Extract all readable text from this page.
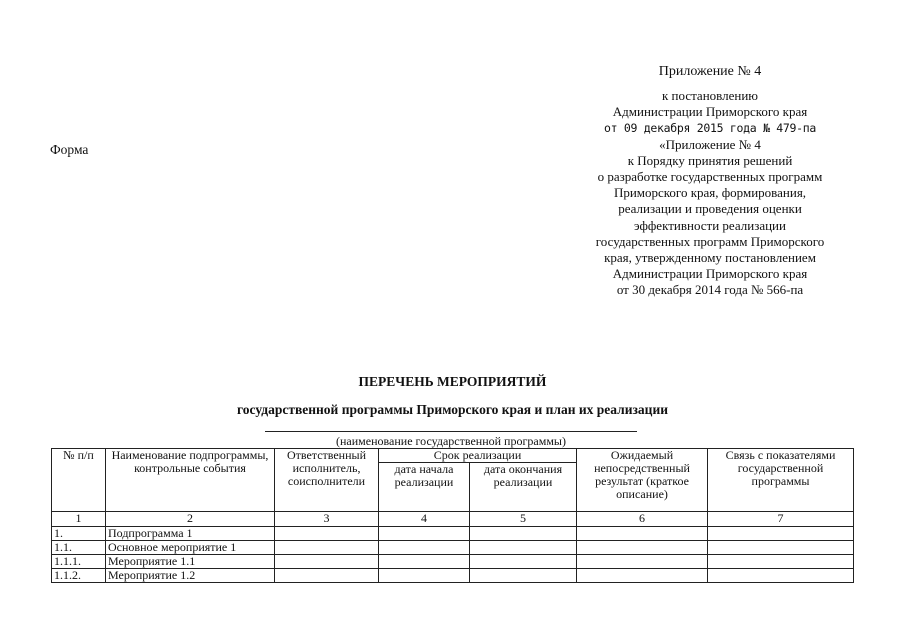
Приложение № 4
к постановлению
Администрации Приморского края
от 09 декабря 2015 года № 479-па
«Приложение № 4
к Порядку принятия решений
о разработке государственных программ
Приморского края, формирования,
реализации и проведения оценки
эффективности реализации
государственных программ Приморского
края, утвержденному постановлением
Администрации Приморского края
от 30 декабря 2014 года № 566-па
Форма
ПЕРЕЧЕНЬ МЕРОПРИЯТИЙ
государственной программы Приморского края и план их реализации
(наименование государственной программы)
№ п/п	Наименование подпрограммы, контрольные события	Ответственный исполнитель, соисполнители	Срок реализации		Ожидаемый непосредственный результат (краткое описание)	Связь с показателями государственной программы
			дата начала реализации	дата окончания реализации		
1	2	3	4	5	6	7
1.	Подпрограмма 1					
1.1.	Основное мероприятие 1					
1.1.1.	Мероприятие 1.1					
1.1.2.	Мероприятие 1.2					
